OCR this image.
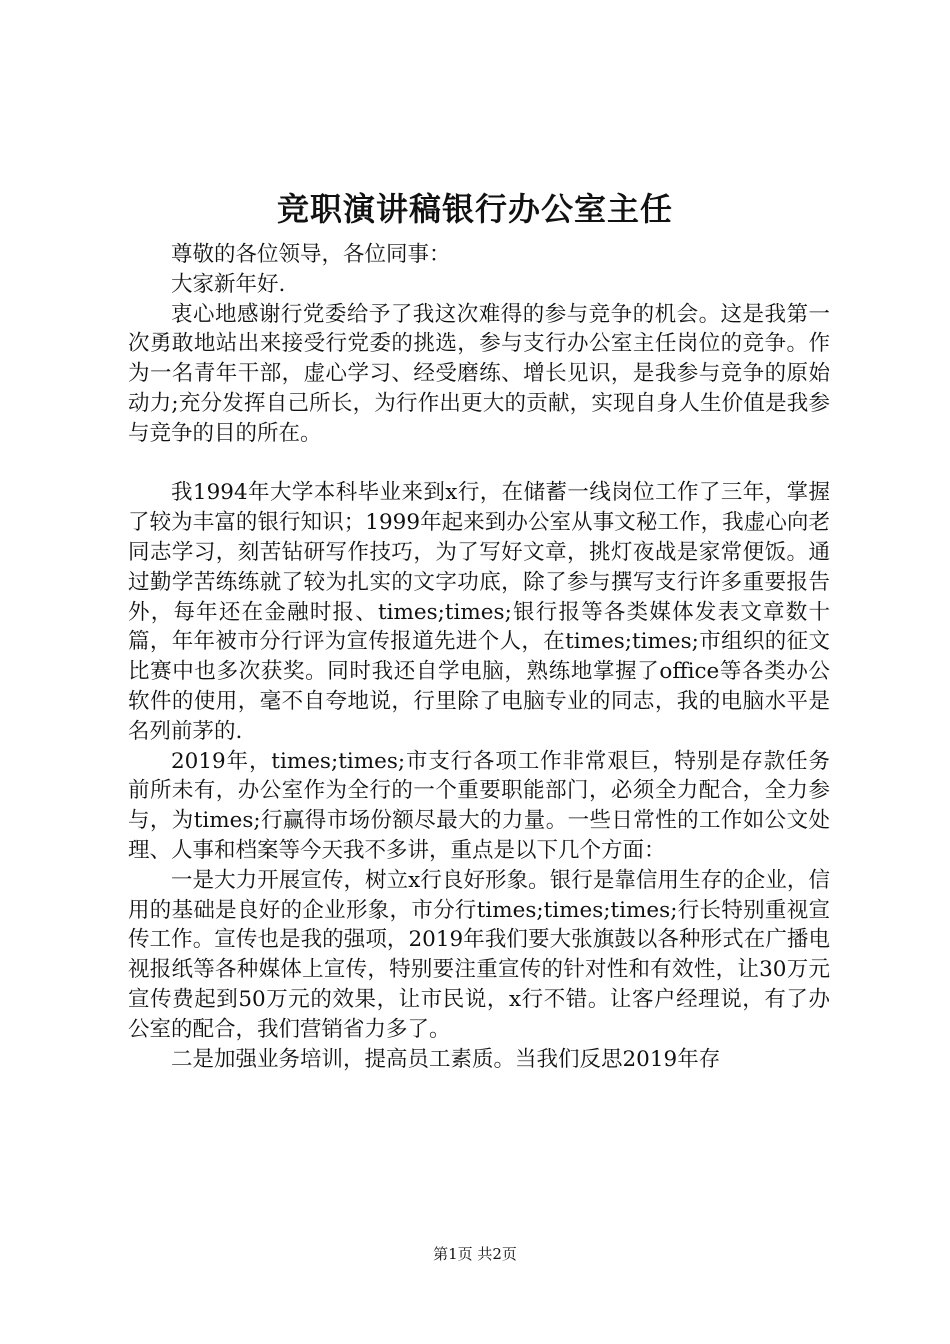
竞职演讲稿银行办公室主任

尊敬的各位领导，各位同事：

大家新年好.

衷心地感谢行党委给予了我这次难得的参与竞争的机会。这是我第一次勇敢地站出来接受行党委的挑选，参与支行办公室主任岗位的竞争。作为一名青年干部，虚心学习、经受磨练、增长见识，是我参与竞争的原始动力;充分发挥自己所长，为行作出更大的贡献，实现自身人生价值是我参与竞争的目的所在。

我1994年大学本科毕业来到x行，在储蓄一线岗位工作了三年，掌握了较为丰富的银行知识；1999年起来到办公室从事文秘工作，我虚心向老同志学习，刻苦钻研写作技巧，为了写好文章，挑灯夜战是家常便饭。通过勤学苦练练就了较为扎实的文字功底，除了参与撰写支行许多重要报告外，每年还在金融时报、times;times;银行报等各类媒体发表文章数十篇，年年被市分行评为宣传报道先进个人，在times;times;市组织的征文比赛中也多次获奖。同时我还自学电脑，熟练地掌握了office等各类办公软件的使用，毫不自夸地说，行里除了电脑专业的同志，我的电脑水平是名列前茅的.

2019年，times;times;市支行各项工作非常艰巨，特别是存款任务前所未有，办公室作为全行的一个重要职能部门，必须全力配合，全力参与，为times;行赢得市场份额尽最大的力量。一些日常性的工作如公文处理、人事和档案等今天我不多讲，重点是以下几个方面：

一是大力开展宣传，树立x行良好形象。银行是靠信用生存的企业，信用的基础是良好的企业形象，市分行times;times;times;行长特别重视宣传工作。宣传也是我的强项，2019年我们要大张旗鼓以各种形式在广播电视报纸等各种媒体上宣传，特别要注重宣传的针对性和有效性，让30万元宣传费起到50万元的效果，让市民说，x行不错。让客户经理说，有了办公室的配合，我们营销省力多了。

二是加强业务培训，提高员工素质。当我们反思2019年存

第1页 共2页
